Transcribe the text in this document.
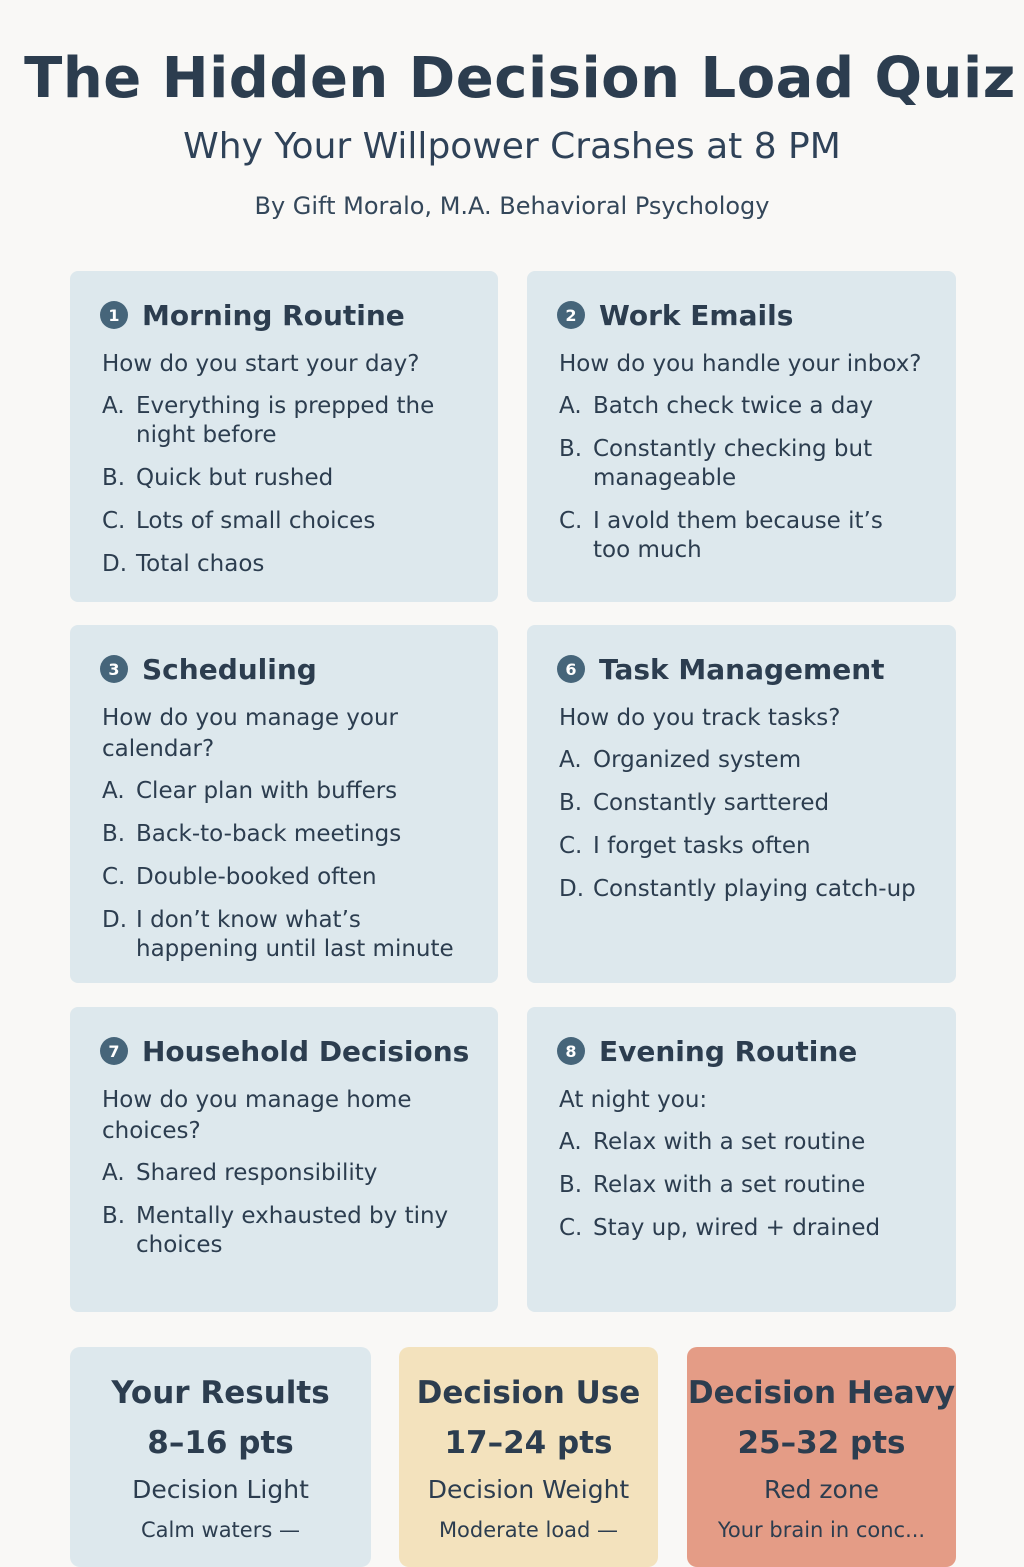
The Hidden Decision Load Quiz
Why Your Willpower Crashes at 8 PM
By Gift Moralo, M.A. Behavioral Psychology
1 Morning Routine
How do you start your day?
A. Everything is prepped the night before
B. Quick but rushed
C. Lots of small choices
D. Total chaos
2 Work Emails
How do you handle your inbox?
A. Batch check twice a day
B. Constantly checking but manageable
C. I avold them because it’s too much
3 Scheduling
How do you manage your calendar?
A. Clear plan with buffers
B. Back-to-back meetings
C. Double-booked often
D. I don’t know what’s happening until last minute
6 Task Management
How do you track tasks?
A. Organized system
B. Constantly sarttered
C. I forget tasks often
D. Constantly playing catch-up
7 Household Decisions
How do you manage home choices?
A. Shared responsibility
B. Mentally exhausted by tiny choices
8 Evening Routine
At night you:
A. Relax with a set routine
B. Relax with a set routine
C. Stay up, wired + drained
Your Results
8–16 pts
Decision Light
Calm waters —
Decision Use
17–24 pts
Decision Weight
Moderate load —
Decision Heavy
25–32 pts
Red zone
Your brain in conc...
